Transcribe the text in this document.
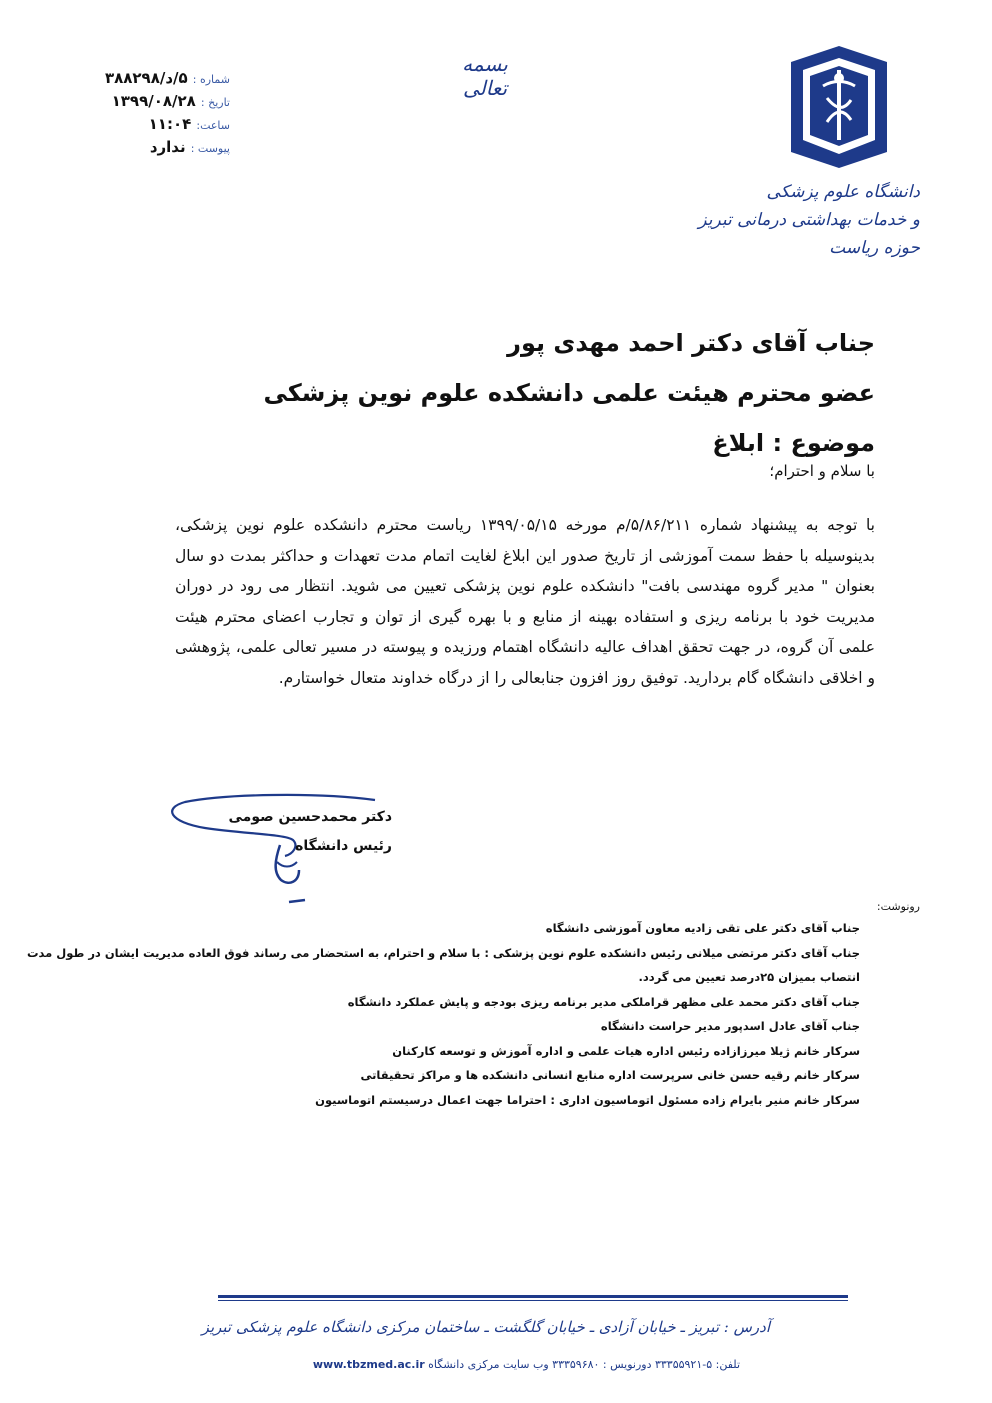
بسمه تعالی
شماره : ۵/د/۳۸۸۲۹۸
تاریخ : ۱۳۹۹/۰۸/۲۸
ساعت: ۱۱:۰۴
پیوست : ندارد
دانشگاه علوم پزشکی
و خدمات بهداشتی درمانی تبریز
حوزه ریاست
جناب آقای دکتر احمد مهدی پور
عضو محترم هیئت علمی دانشکده علوم نوین پزشکی
موضوع : ابلاغ
با سلام و احترام؛
با توجه به پیشنهاد شماره ۵/۸۶/۲۱۱/م مورخه ۱۳۹۹/۰۵/۱۵ ریاست محترم دانشکده علوم نوین پزشکی، بدینوسیله با حفظ سمت آموزشی از تاریخ صدور این ابلاغ لغایت اتمام مدت تعهدات و حداکثر بمدت دو سال بعنوان " مدیر گروه مهندسی بافت" دانشکده علوم نوین پزشکی تعیین می شوید. انتظار می رود در دوران مدیریت خود با برنامه ریزی و استفاده بهینه از منابع و با بهره گیری از توان و تجارب اعضای محترم هیئت علمی آن گروه، در جهت تحقق اهداف عالیه دانشگاه اهتمام ورزیده و پیوسته در مسیر تعالی علمی، پژوهشی و اخلاقی دانشگاه گام بردارید. توفیق روز افزون جنابعالی را از درگاه خداوند متعال خواستارم.
دکتر محمدحسین صومی
رئیس دانشگاه
رونوشت:
جناب آقای دکتر علی تقی زادیه معاون آموزشی دانشگاه
جناب آقای دکتر مرتضی میلانی رئیس دانشکده علوم نوین پزشکی : با سلام و احترام، به استحضار می رساند فوق العاده مدیریت ایشان در طول مدت انتصاب بمیزان ۲۵درصد تعیین می گردد.
جناب آقای دکتر محمد علی مظهر قراملکی مدیر برنامه ریزی بودجه و پایش عملکرد دانشگاه
جناب آقای عادل اسدپور مدیر حراست دانشگاه
سرکار خانم ژیلا میرزازاده رئیس اداره هیات علمی و اداره آموزش و توسعه کارکنان
سرکار خانم رقیه حسن خانی سرپرست اداره منابع انسانی دانشکده ها و مراکز تحقیقاتی
سرکار خانم منیر بایرام زاده مسئول اتوماسیون اداری : احتراما جهت اعمال درسیستم اتوماسیون
آدرس : تبریز ـ خیابان آزادی ـ خیابان گلگشت ـ ساختمان مرکزی دانشگاه علوم پزشکی تبریز
تلفن: ۵-۳۳۳۵۵۹۲۱ دورنویس : ۳۳۳۵۹۶۸۰ وب سایت مرکزی دانشگاه www.tbzmed.ac.ir
